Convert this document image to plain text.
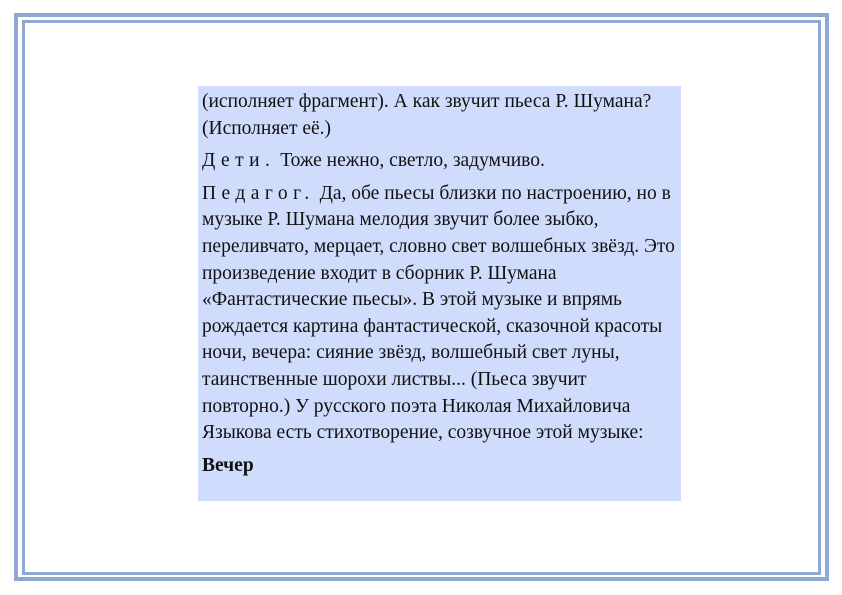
(исполняет фрагмент). А как звучит пьеса Р. Шумана? (Исполняет её.)

Дети. Тоже нежно, светло, задумчиво.

Педагог. Да, обе пьесы близки по настроению, но в музыке Р. Шумана мелодия звучит более зыбко, переливчато, мерцает, словно свет волшебных звёзд. Это произведение входит в сборник Р. Шумана «Фантастические пьесы». В этой музыке и впрямь рождается картина фантастической, сказочной красоты ночи, вечера: сияние звёзд, волшебный свет луны, таинственные шорохи листвы... (Пьеса звучит повторно.) У русского поэта Николая Михайловича Языкова есть стихотворение, созвучное этой музыке:

Вечер
